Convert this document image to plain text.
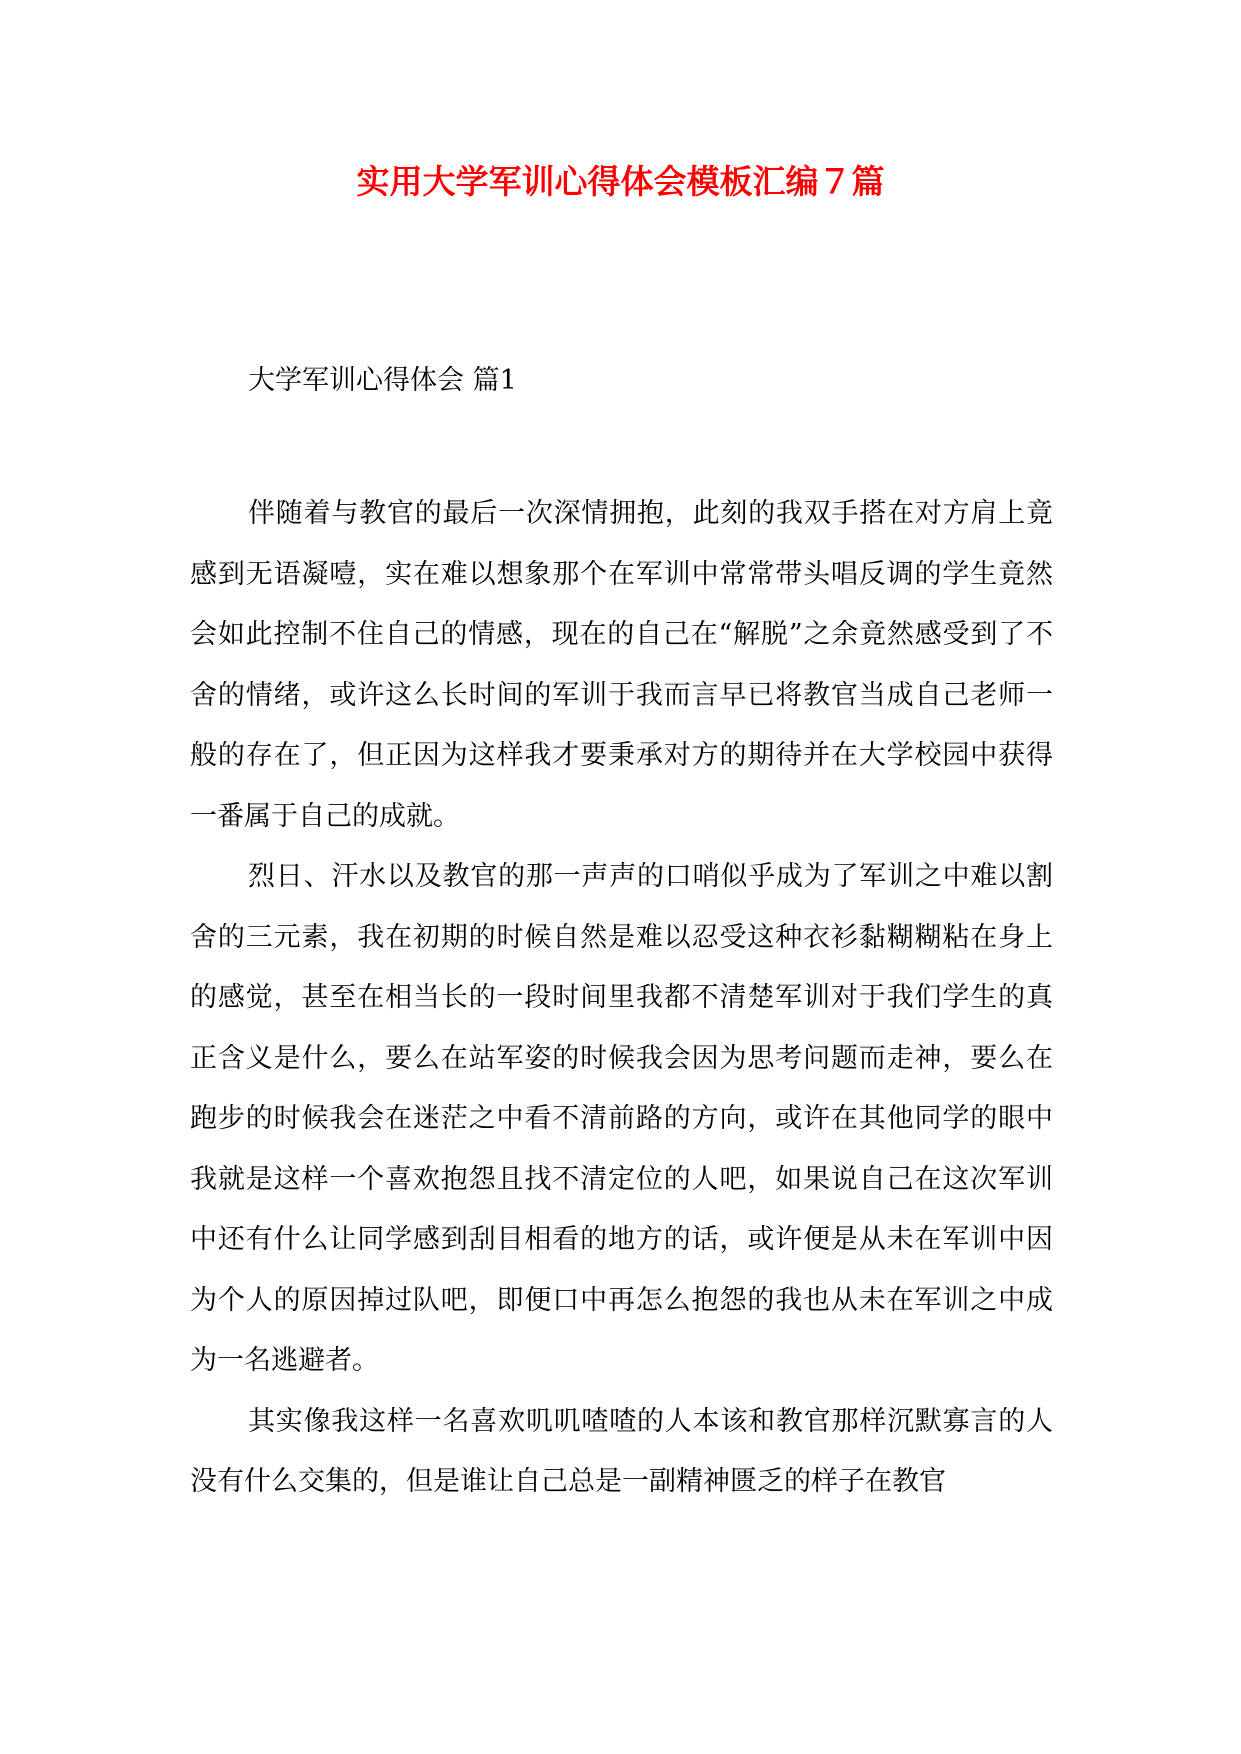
实用大学军训心得体会模板汇编７篇
大学军训心得体会 篇1

伴随着与教官的最后一次深情拥抱，此刻的我双手搭在对方肩上竟感到无语凝噎，实在难以想象那个在军训中常常带头唱反调的学生竟然会如此控制不住自己的情感，现在的自己在“解脱”之余竟然感受到了不舍的情绪，或许这么长时间的军训于我而言早已将教官当成自己老师一般的存在了，但正因为这样我才要秉承对方的期待并在大学校园中获得一番属于自己的成就。

烈日、汗水以及教官的那一声声的口哨似乎成为了军训之中难以割舍的三元素，我在初期的时候自然是难以忍受这种衣衫黏糊糊粘在身上的感觉，甚至在相当长的一段时间里我都不清楚军训对于我们学生的真正含义是什么，要么在站军姿的时候我会因为思考问题而走神，要么在跑步的时候我会在迷茫之中看不清前路的方向，或许在其他同学的眼中我就是这样一个喜欢抱怨且找不清定位的人吧，如果说自己在这次军训中还有什么让同学感到刮目相看的地方的话，或许便是从未在军训中因为个人的原因掉过队吧，即便口中再怎么抱怨的我也从未在军训之中成为一名逃避者。

其实像我这样一名喜欢叽叽喳喳的人本该和教官那样沉默寡言的人没有什么交集的，但是谁让自己总是一副精神匮乏的样子在教官
